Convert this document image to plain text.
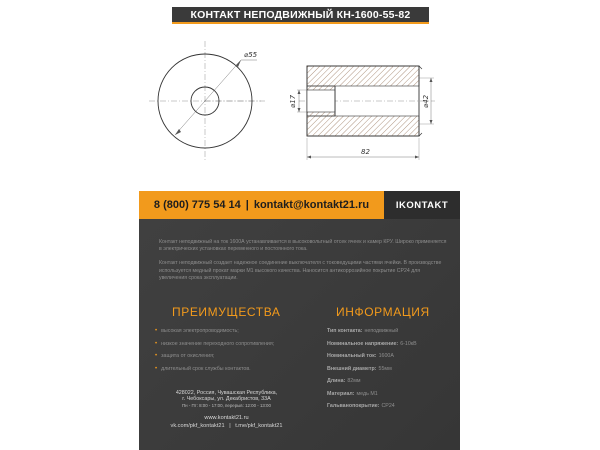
КОНТАКТ НЕПОДВИЖНЫЙ КН-1600-55-82
⌀55
⌀17	⌀42
82
8 (800) 775 54 14 | kontakt@kontakt21.ru	IKONTAKT

Контакт неподвижный на ток 1600А устанавливается в высоковольтный отсек ячеек и камер КРУ. Широко применяется в электрических установках переменного и постоянного тока.

Контакт неподвижный создает надежное соединение выключателя с токоведущими частями ячейки. В производстве используется медный прокат марки М1 высокого качества. Наносится антикоррозийное покрытие СР24 для увеличения срока эксплуатации.

ПРЕИМУЩЕСТВА	ИНФОРМАЦИЯ
• высокая электропроводимость;
• низкое значение переходного сопротивления;
• защита от окисления;
• длительный срок службы контактов.
Тип контакта: неподвижный
Номинальное напряжение: 6-10кВ
Номинальный ток: 1600А
Внешний диаметр: 55мм
Длина: 82мм
Материал: медь М1
Гальванопокрытие: СР24
428022, Россия, Чувашская Республика,
г. Чебоксары, ул. Декабристов, 33А
Пн - Пт: 8:00 - 17:00, перерыв: 12:00 - 13:00
www.kontakt21.ru
vk.com/pkf_kontakt21 | t.me/pkf_kontakt21
